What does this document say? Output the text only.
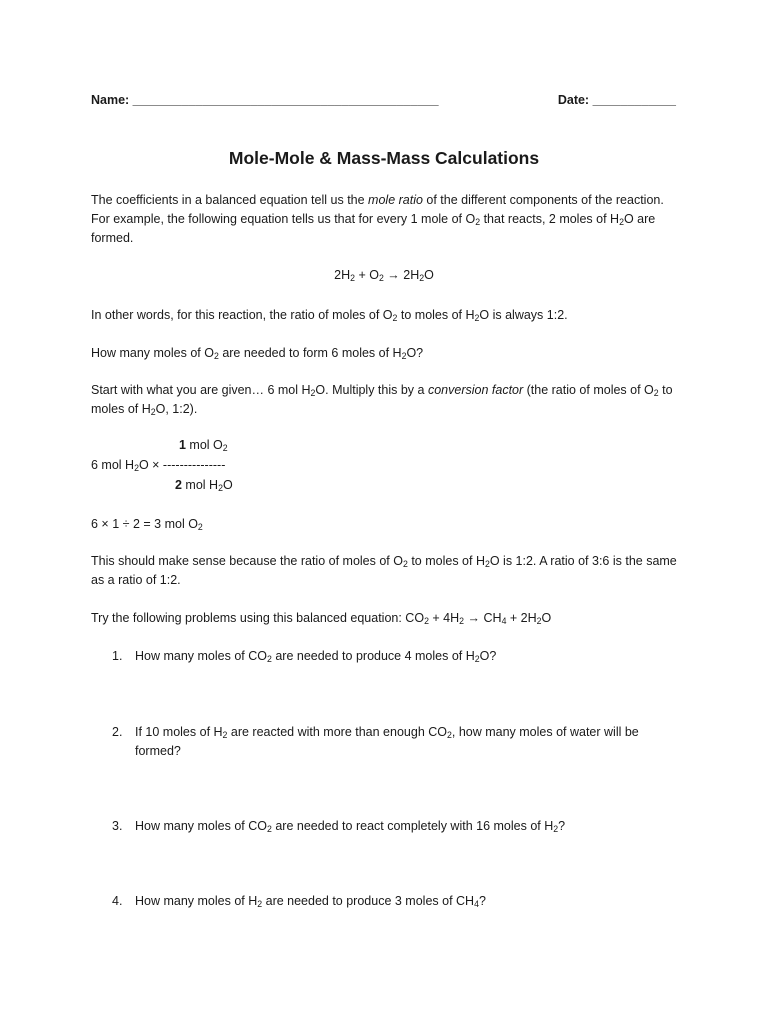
Name: ____________________________________________	Date: ____________
Mole-Mole & Mass-Mass Calculations

The coefficients in a balanced equation tell us the mole ratio of the different components of the reaction. For example, the following equation tells us that for every 1 mole of $O_2$ that reacts, 2 moles of $H_2O$ are formed.

$2H_2 + O_2 \to 2H_2O$

In other words, for this reaction, the ratio of moles of $O_2$ to moles of $H_2O$ is always 1:2.

How many moles of $O_2$ are needed to form 6 moles of $H_2O$?

Start with what you are given… 6 mol $H_2O$. Multiply this by a conversion factor (the ratio of moles of $O_2$ to moles of $H_2O$, 1:2).

1 mol $O_2$
6 mol $H_2O$ × ---------------
2 mol $H_2O$

6 × 1 ÷ 2 = 3 mol $O_2$

This should make sense because the ratio of moles of $O_2$ to moles of $H_2O$ is 1:2. A ratio of 3:6 is the same as a ratio of 1:2.

Try the following problems using this balanced equation: $CO_2 + 4H_2 \to CH_4 + 2H_2O$

1. How many moles of $CO_2$ are needed to produce 4 moles of $H_2O$?
2. If 10 moles of $H_2$ are reacted with more than enough $CO_2$, how many moles of water will be formed?
3. How many moles of $CO_2$ are needed to react completely with 16 moles of $H_2$?
4. How many moles of $H_2$ are needed to produce 3 moles of $CH_4$?
